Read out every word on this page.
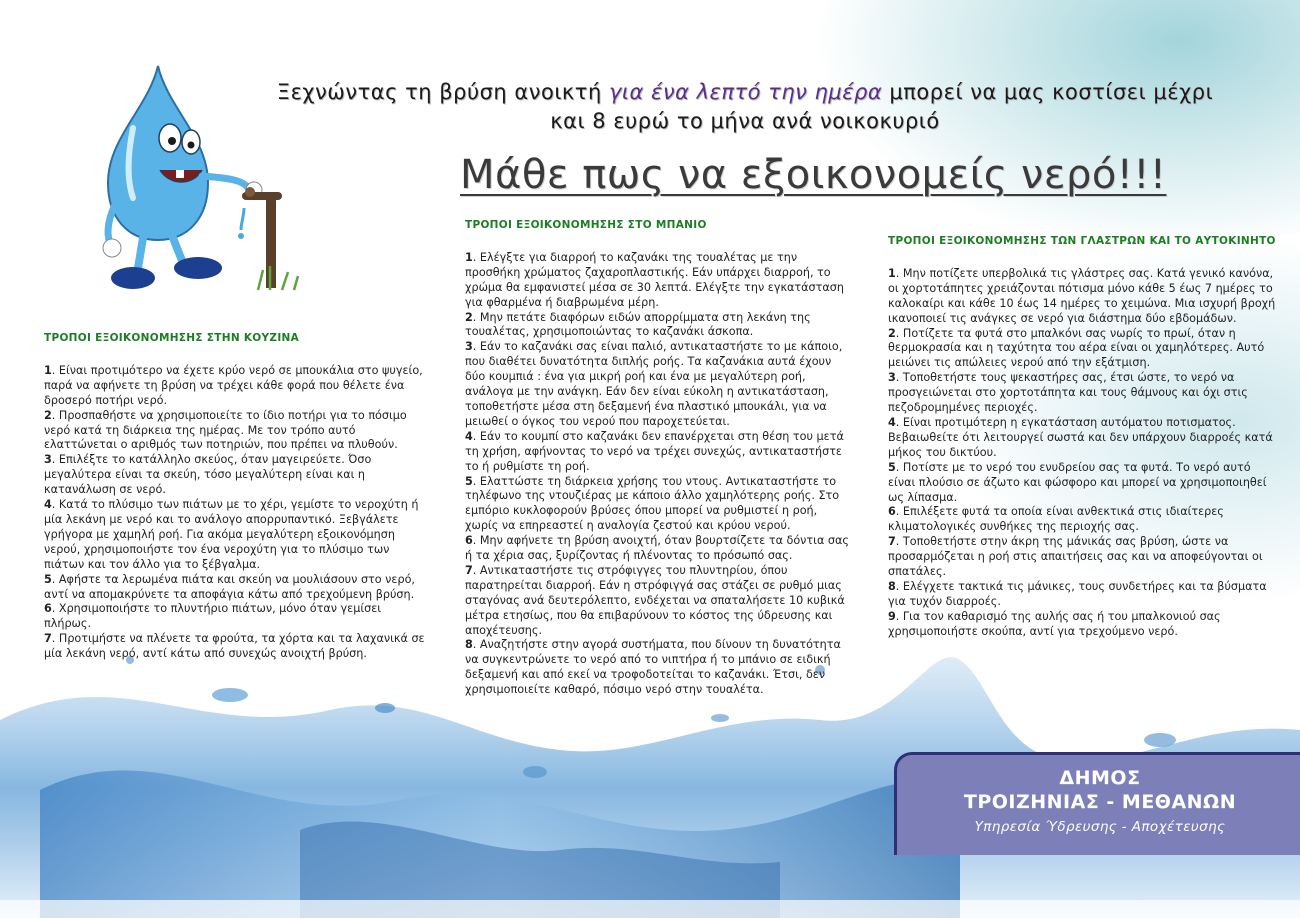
Ξεχνώντας τη βρύση ανοικτή για ένα λεπτό την ημέρα μπορεί να μας κοστίσει μέχρι
και 8 ευρώ το μήνα ανά νοικοκυριό
Μάθε πως να εξοικονομείς νερό!!!
ΤΡΟΠΟΙ ΕΞΟΙΚΟΝΟΜΗΣΗΣ ΣΤΗΝ ΚΟΥΖΙΝΑ

1. Είναι προτιμότερο να έχετε κρύο νερό σε μπουκάλια στο ψυγείο, παρά να αφήνετε τη βρύση να τρέχει κάθε φορά που θέλετε ένα δροσερό ποτήρι νερό.

2. Προσπαθήστε να χρησιμοποιείτε το ίδιο ποτήρι για το πόσιμο νερό κατά τη διάρκεια της ημέρας. Με τον τρόπο αυτό ελαττώνεται ο αριθμός των ποτηριών, που πρέπει να πλυθούν.

3. Επιλέξτε το κατάλληλο σκεύος, όταν μαγειρεύετε. Όσο μεγαλύτερα είναι τα σκεύη, τόσο μεγαλύτερη είναι και η κατανάλωση σε νερό.

4. Κατά το πλύσιμο των πιάτων με το χέρι, γεμίστε το νεροχύτη ή μία λεκάνη με νερό και το ανάλογο απορρυπαντικό. Ξεβγάλετε γρήγορα με χαμηλή ροή. Για ακόμα μεγαλύτερη εξοικονόμηση νερού, χρησιμοποιήστε τον ένα νεροχύτη για το πλύσιμο των πιάτων και τον άλλο για το ξέβγαλμα.

5. Αφήστε τα λερωμένα πιάτα και σκεύη να μουλιάσουν στο νερό, αντί να απομακρύνετε τα αποφάγια κάτω από τρεχούμενη βρύση.

6. Χρησιμοποιήστε το πλυντήριο πιάτων, μόνο όταν γεμίσει πλήρως.

7. Προτιμήστε να πλένετε τα φρούτα, τα χόρτα και τα λαχανικά σε μία λεκάνη νερό, αντί κάτω από συνεχώς ανοιχτή βρύση.

ΤΡΟΠΟΙ ΕΞΟΙΚΟΝΟΜΗΣΗΣ ΣΤΟ ΜΠΑΝΙΟ

1. Ελέγξτε για διαρροή το καζανάκι της τουαλέτας με την προσθήκη χρώματος ζαχαροπλαστικής. Εάν υπάρχει διαρροή, το χρώμα θα εμφανιστεί μέσα σε 30 λεπτά. Ελέγξτε την εγκατάσταση για φθαρμένα ή διαβρωμένα μέρη.

2. Μην πετάτε διαφόρων ειδών απορρίμματα στη λεκάνη της τουαλέτας, χρησιμοποιώντας το καζανάκι άσκοπα.

3. Εάν το καζανάκι σας είναι παλιό, αντικαταστήστε το με κάποιο, που διαθέτει δυνατότητα διπλής ροής. Τα καζανάκια αυτά έχουν δύο κουμπιά : ένα για μικρή ροή και ένα με μεγαλύτερη ροή, ανάλογα με την ανάγκη. Εάν δεν είναι εύκολη η αντικατάσταση, τοποθετήστε μέσα στη δεξαμενή ένα πλαστικό μπουκάλι, για να μειωθεί ο όγκος του νερού που παροχετεύεται.

4. Εάν το κουμπί στο καζανάκι δεν επανέρχεται στη θέση του μετά τη χρήση, αφήνοντας το νερό να τρέχει συνεχώς, αντικαταστήστε το ή ρυθμίστε τη ροή.

5. Ελαττώστε τη διάρκεια χρήσης του ντους. Αντικαταστήστε το τηλέφωνο της ντουζιέρας με κάποιο άλλο χαμηλότερης ροής. Στο εμπόριο κυκλοφορούν βρύσες όπου μπορεί να ρυθμιστεί η ροή, χωρίς να επηρεαστεί η αναλογία ζεστού και κρύου νερού.

6. Μην αφήνετε τη βρύση ανοιχτή, όταν βουρτσίζετε τα δόντια σας ή τα χέρια σας, ξυρίζοντας ή πλένοντας το πρόσωπό σας.

7. Αντικαταστήστε τις στρόφιγγες του πλυντηρίου, όπου παρατηρείται διαρροή. Εάν η στρόφιγγά σας στάζει σε ρυθμό μιας σταγόνας ανά δευτερόλεπτο, ενδέχεται να σπαταλήσετε 10 κυβικά μέτρα ετησίως, που θα επιβαρύνουν το κόστος της ύδρευσης και αποχέτευσης.

8. Αναζητήστε στην αγορά συστήματα, που δίνουν τη δυνατότητα να συγκεντρώνετε το νερό από το νιπτήρα ή το μπάνιο σε ειδική δεξαμενή και από εκεί να τροφοδοτείται το καζανάκι. Έτσι, δεν χρησιμοποιείτε καθαρό, πόσιμο νερό στην τουαλέτα.

ΤΡΟΠΟΙ ΕΞΟΙΚΟΝΟΜΗΣΗΣ ΤΩΝ ΓΛΑΣΤΡΩΝ ΚΑΙ ΤΟ ΑΥΤΟΚΙΝΗΤΟ

1. Μην ποτίζετε υπερβολικά τις γλάστρες σας. Κατά γενικό κανόνα, οι χορτοτάπητες χρειάζονται πότισμα μόνο κάθε 5 έως 7 ημέρες το καλοκαίρι και κάθε 10 έως 14 ημέρες το χειμώνα. Μια ισχυρή βροχή ικανοποιεί τις ανάγκες σε νερό για διάστημα δύο εβδομάδων.

2. Ποτίζετε τα φυτά στο μπαλκόνι σας νωρίς το πρωί, όταν η θερμοκρασία και η ταχύτητα του αέρα είναι οι χαμηλότερες. Αυτό μειώνει τις απώλειες νερού από την εξάτμιση.

3. Τοποθετήστε τους ψεκαστήρες σας, έτσι ώστε, το νερό να προσγειώνεται στο χορτοτάπητα και τους θάμνους και όχι στις πεζοδρομημένες περιοχές.

4. Είναι προτιμότερη η εγκατάσταση αυτόματου ποτισματος. Βεβαιωθείτε ότι λειτουργεί σωστά και δεν υπάρχουν διαρροές κατά μήκος του δικτύου.

5. Ποτίστε με το νερό του ενυδρείου σας τα φυτά. Το νερό αυτό είναι πλούσιο σε άζωτο και φώσφορο και μπορεί να χρησιμοποιηθεί ως λίπασμα.

6. Επιλέξετε φυτά τα οποία είναι ανθεκτικά στις ιδιαίτερες κλιματολογικές συνθήκες της περιοχής σας.

7. Τοποθετήστε στην άκρη της μάνικάς σας βρύση, ώστε να προσαρμόζεται η ροή στις απαιτήσεις σας και να αποφεύγονται οι σπατάλες.

8. Ελέγχετε τακτικά τις μάνικες, τους συνδετήρες και τα βύσματα για τυχόν διαρροές.

9. Για τον καθαρισμό της αυλής σας ή του μπαλκονιού σας χρησιμοποιήστε σκούπα, αντί για τρεχούμενο νερό.

ΔΗΜΟΣ
ΤΡΟΙΖΗΝΙΑΣ - ΜΕΘΑΝΩΝ
Υπηρεσία Ύδρευσης - Αποχέτευσης
